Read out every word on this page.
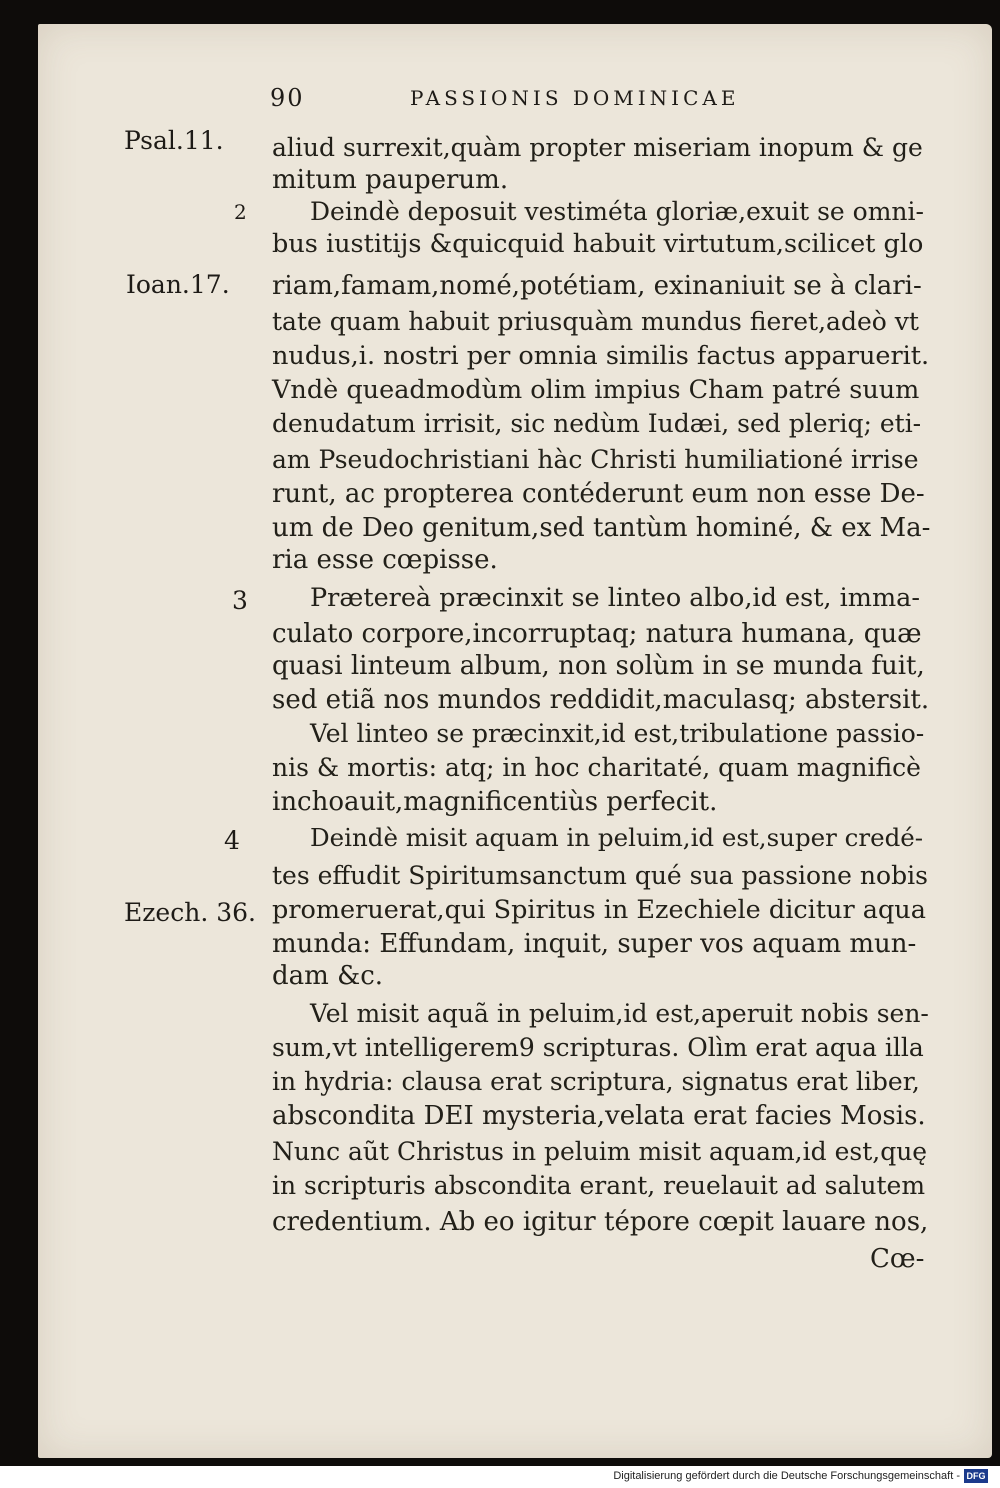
90	PASSIONIS DOMINICAE
Psal.11.
2
Ioan.17.
3
4
Ezech. 36.
aliud surrexit,quàm propter miseriam inopum & ge
mitum pauperum.
Deindè deposuit vestiméta gloriæ,exuit se omni-
bus iustitijs &quicquid habuit virtutum,scilicet glo
riam,famam,nomé,potétiam, exinaniuit se à clari-
tate quam habuit priusquàm mundus fieret,adeò vt
nudus,i. nostri per omnia similis factus apparuerit.
Vndè queadmodùm olim impius Cham patré suum
denudatum irrisit, sic nedùm Iudæi, sed pleriq; eti-
am Pseudochristiani hàc Christi humiliationé irrise
runt, ac propterea contéderunt eum non esse De-
um de Deo genitum,sed tantùm hominé, & ex Ma-
ria esse cœpisse.
Prætereà præcinxit se linteo albo,id est, imma-
culato corpore,incorruptaq; natura humana, quæ
quasi linteum album, non solùm in se munda fuit,
sed etiã nos mundos reddidit,maculasq; abstersit.
Vel linteo se præcinxit,id est,tribulatione passio-
nis & mortis: atq; in hoc charitaté, quam magnificè
inchoauit,magnificentiùs perfecit.
Deindè misit aquam in peluim,id est,super credé-
tes effudit Spiritumsanctum qué sua passione nobis
promeruerat,qui Spiritus in Ezechiele dicitur aqua
munda: Effundam, inquit, super vos aquam mun-
dam &c.
Vel misit aquã in peluim,id est,aperuit nobis sen-
sum,vt intelligerem9 scripturas. Olìm erat aqua illa
in hydria: clausa erat scriptura, signatus erat liber,
abscondita DEI mysteria,velata erat facies Mosis.
Nunc aũt Christus in peluim misit aquam,id est,quę
in scripturis abscondita erant, reuelauit ad salutem
credentium. Ab eo igitur tépore cœpit lauare nos,
Cœ-
Digitalisierung gefördert durch die Deutsche Forschungsgemeinschaft - DFG
